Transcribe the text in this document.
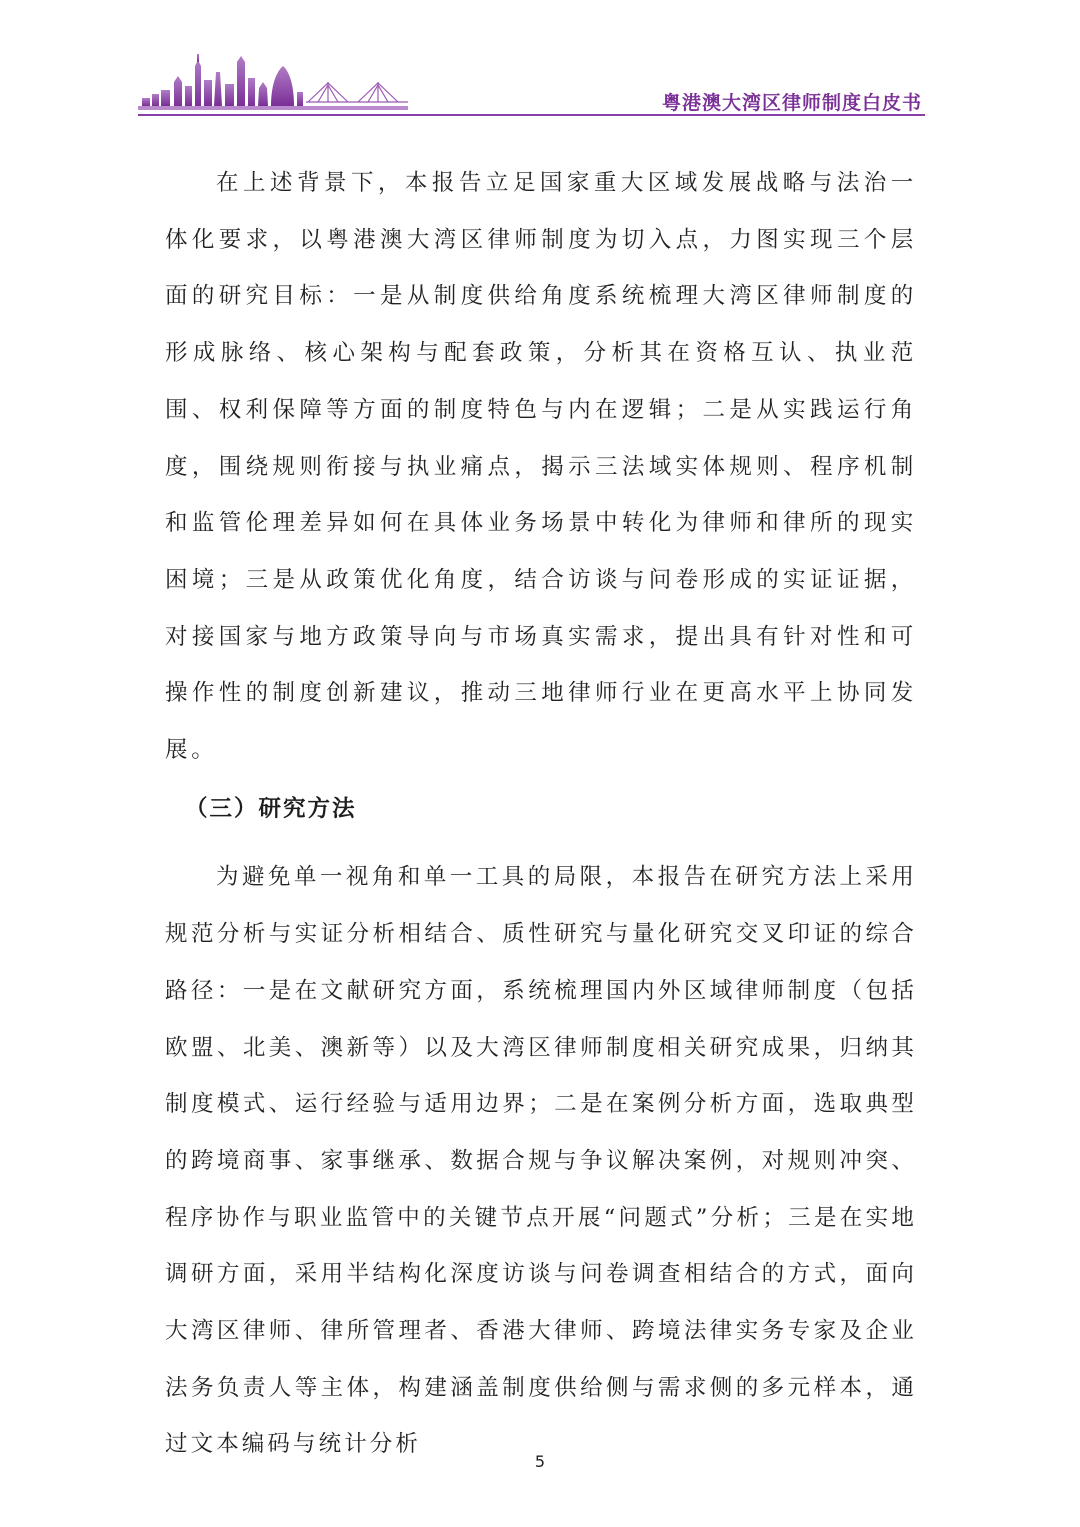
粤港澳大湾区律师制度白皮书

在上述背景下，本报告立足国家重大区域发展战略与法治一体化要求，以粤港澳大湾区律师制度为切入点，力图实现三个层面的研究目标：一是从制度供给角度系统梳理大湾区律师制度的形成脉络、核心架构与配套政策，分析其在资格互认、执业范围、权利保障等方面的制度特色与内在逻辑；二是从实践运行角度，围绕规则衔接与执业痛点，揭示三法域实体规则、程序机制和监管伦理差异如何在具体业务场景中转化为律师和律所的现实困境；三是从政策优化角度，结合访谈与问卷形成的实证证据，对接国家与地方政策导向与市场真实需求，提出具有针对性和可操作性的制度创新建议，推动三地律师行业在更高水平上协同发展。

（三）研究方法

为避免单一视角和单一工具的局限，本报告在研究方法上采用规范分析与实证分析相结合、质性研究与量化研究交叉印证的综合路径：一是在文献研究方面，系统梳理国内外区域律师制度（包括欧盟、北美、澳新等）以及大湾区律师制度相关研究成果，归纳其制度模式、运行经验与适用边界；二是在案例分析方面，选取典型的跨境商事、家事继承、数据合规与争议解决案例，对规则冲突、程序协作与职业监管中的关键节点开展“问题式”分析；三是在实地调研方面，采用半结构化深度访谈与问卷调查相结合的方式，面向大湾区律师、律所管理者、香港大律师、跨境法律实务专家及企业法务负责人等主体，构建涵盖制度供给侧与需求侧的多元样本，通过文本编码与统计分析

5
